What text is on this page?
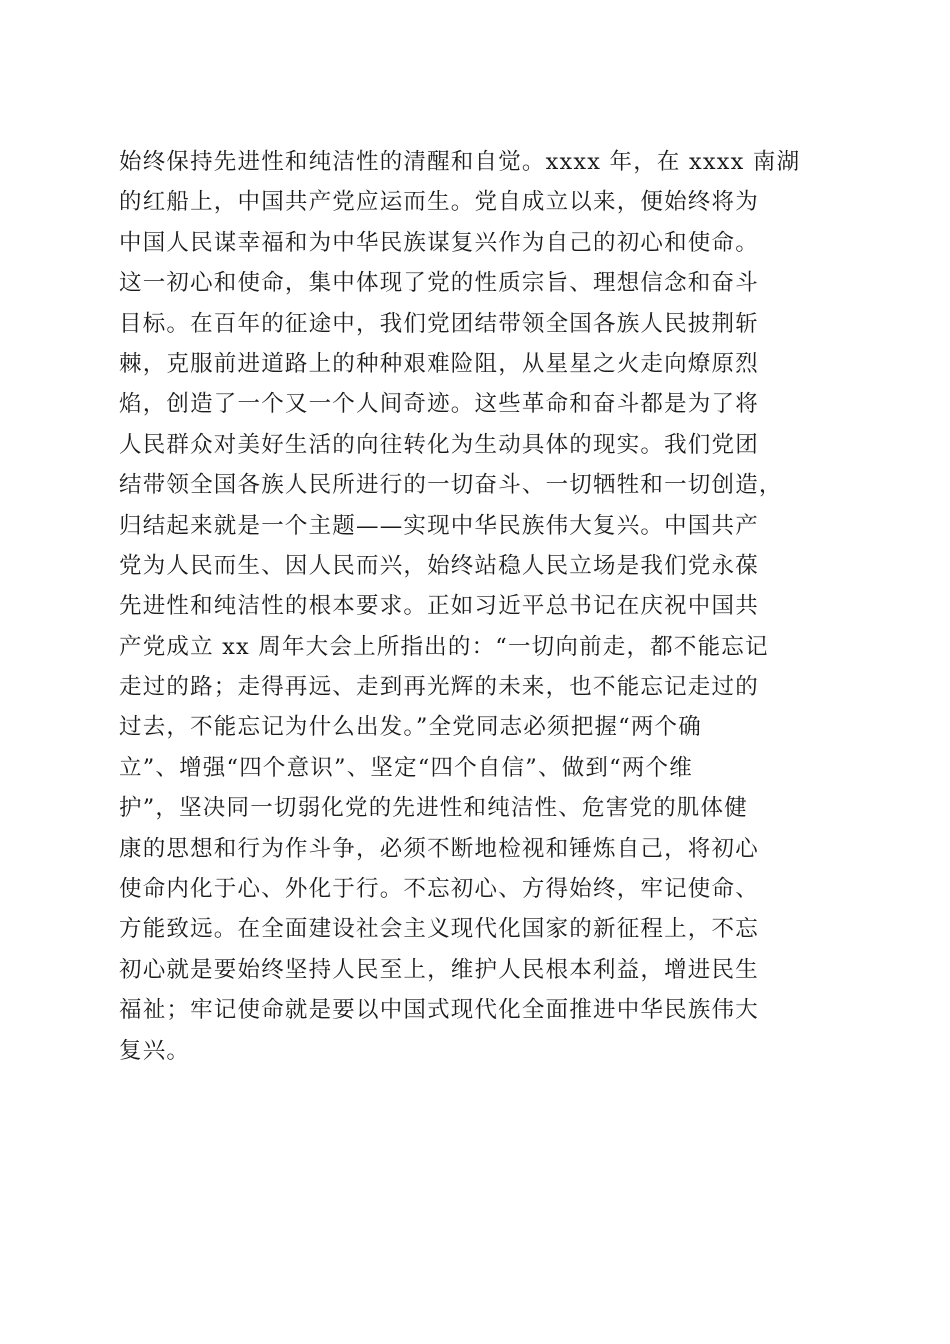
始终保持先进性和纯洁性的清醒和自觉。xxxx 年，在 xxxx 南湖
的红船上，中国共产党应运而生。党自成立以来，便始终将为
中国人民谋幸福和为中华民族谋复兴作为自己的初心和使命。
这一初心和使命，集中体现了党的性质宗旨、理想信念和奋斗
目标。在百年的征途中，我们党团结带领全国各族人民披荆斩
棘，克服前进道路上的种种艰难险阻，从星星之火走向燎原烈
焰，创造了一个又一个人间奇迹。这些革命和奋斗都是为了将
人民群众对美好生活的向往转化为生动具体的现实。我们党团
结带领全国各族人民所进行的一切奋斗、一切牺牲和一切创造，
归结起来就是一个主题——实现中华民族伟大复兴。中国共产
党为人民而生、因人民而兴，始终站稳人民立场是我们党永葆
先进性和纯洁性的根本要求。正如习近平总书记在庆祝中国共
产党成立 xx 周年大会上所指出的：“一切向前走，都不能忘记
走过的路；走得再远、走到再光辉的未来，也不能忘记走过的
过去，不能忘记为什么出发。”全党同志必须把握“两个确
立”、增强“四个意识”、坚定“四个自信”、做到“两个维
护”，坚决同一切弱化党的先进性和纯洁性、危害党的肌体健
康的思想和行为作斗争，必须不断地检视和锤炼自己，将初心
使命内化于心、外化于行。不忘初心、方得始终，牢记使命、
方能致远。在全面建设社会主义现代化国家的新征程上，不忘
初心就是要始终坚持人民至上，维护人民根本利益，增进民生
福祉；牢记使命就是要以中国式现代化全面推进中华民族伟大
复兴。
